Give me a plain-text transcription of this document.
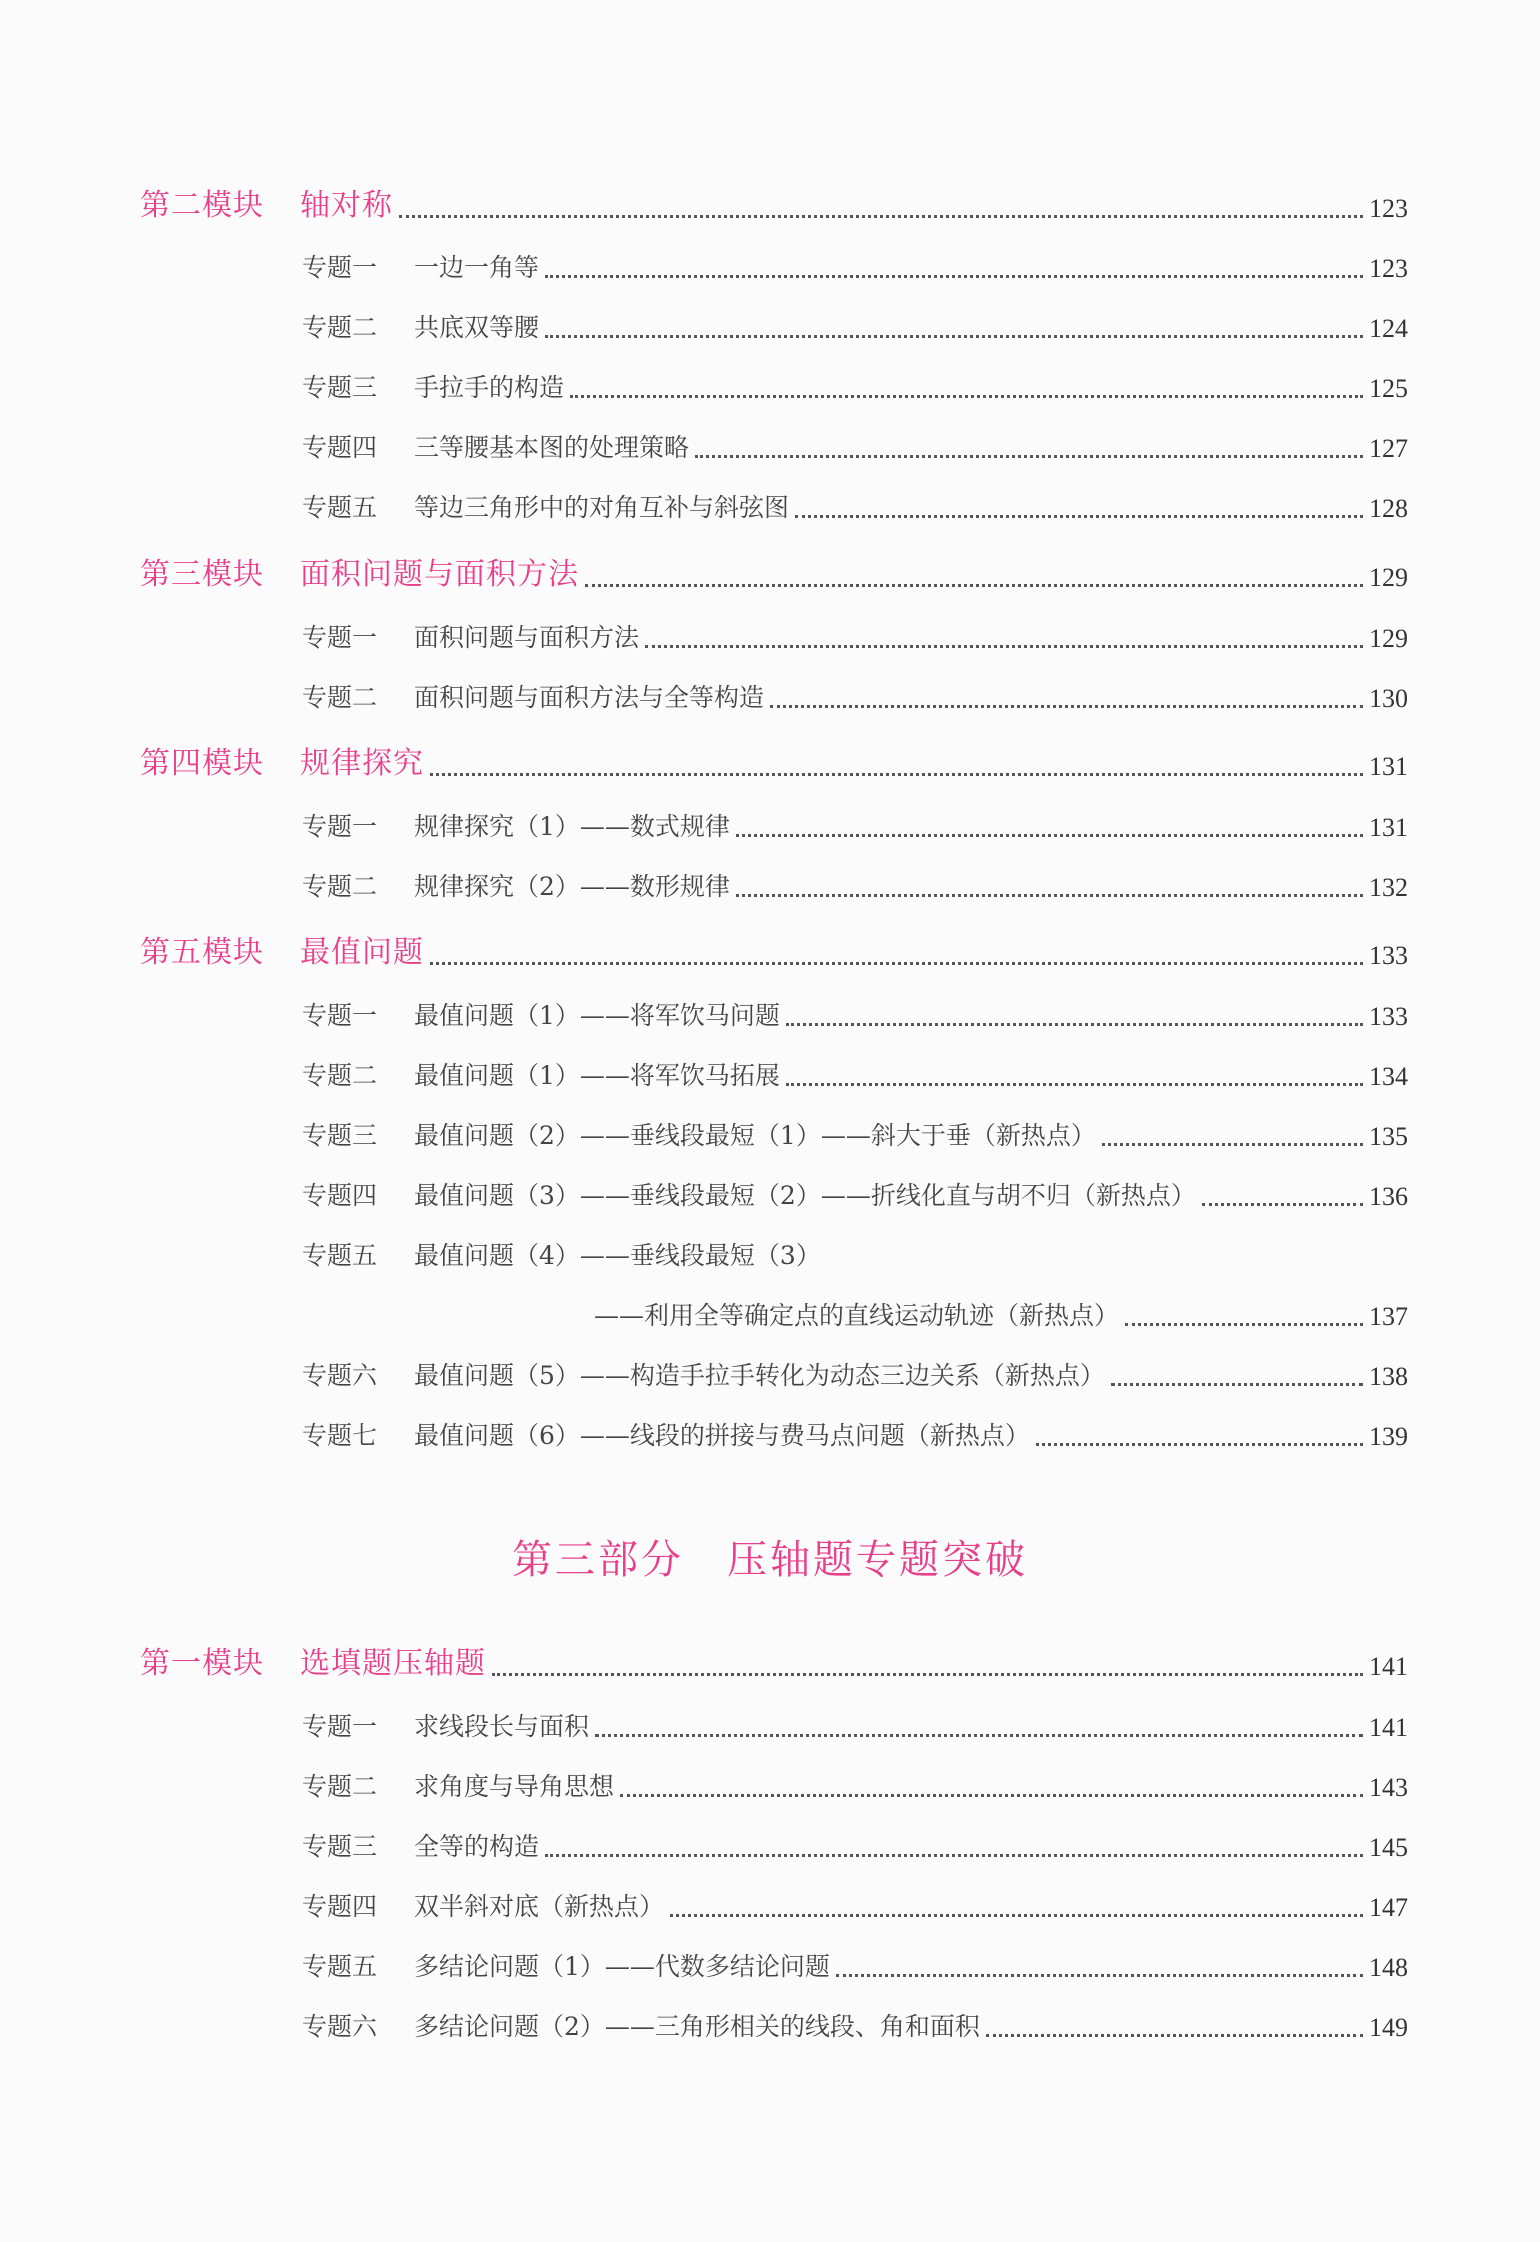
第二模块	轴对称	123
专题一	一边一角等	123
专题二	共底双等腰	124
专题三	手拉手的构造	125
专题四	三等腰基本图的处理策略	127
专题五	等边三角形中的对角互补与斜弦图	128
第三模块	面积问题与面积方法	129
专题一	面积问题与面积方法	129
专题二	面积问题与面积方法与全等构造	130
第四模块	规律探究	131
专题一	规律探究（1）——数式规律	131
专题二	规律探究（2）——数形规律	132
第五模块	最值问题	133
专题一	最值问题（1）——将军饮马问题	133
专题二	最值问题（1）——将军饮马拓展	134
专题三	最值问题（2）——垂线段最短（1）——斜大于垂（新热点）	135
专题四	最值问题（3）——垂线段最短（2）——折线化直与胡不归（新热点）	136
专题五	最值问题（4）——垂线段最短（3）
——利用全等确定点的直线运动轨迹（新热点）	137
专题六	最值问题（5）——构造手拉手转化为动态三边关系（新热点）	138
专题七	最值问题（6）——线段的拼接与费马点问题（新热点）	139
第三部分　压轴题专题突破
第一模块	选填题压轴题	141
专题一	求线段长与面积	141
专题二	求角度与导角思想	143
专题三	全等的构造	145
专题四	双半斜对底（新热点）	147
专题五	多结论问题（1）——代数多结论问题	148
专题六	多结论问题（2）——三角形相关的线段、角和面积	149
